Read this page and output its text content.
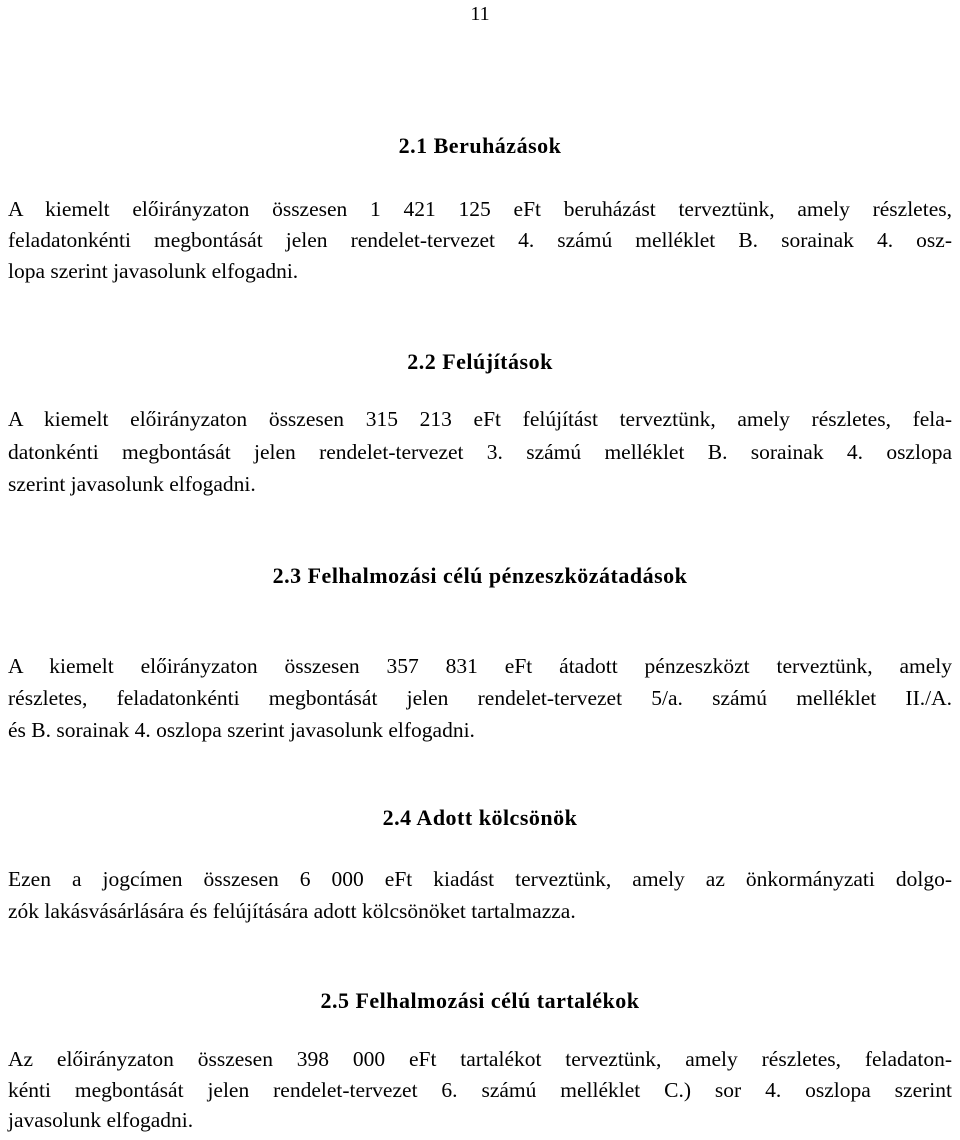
11
2.1 Beruházások
A kiemelt előirányzaton összesen 1 421 125 eFt beruházást terveztünk, amely részletes,
feladatonkénti megbontását jelen rendelet-tervezet 4. számú melléklet B. sorainak 4. osz-
lopa szerint javasolunk elfogadni.
2.2 Felújítások
A kiemelt előirányzaton összesen 315 213 eFt felújítást terveztünk, amely részletes, fela-
datonkénti megbontását jelen rendelet-tervezet 3. számú melléklet B. sorainak 4. oszlopa
szerint javasolunk elfogadni.
2.3 Felhalmozási célú pénzeszközátadások
A kiemelt előirányzaton összesen 357 831 eFt átadott pénzeszközt terveztünk, amely
részletes, feladatonkénti megbontását jelen rendelet-tervezet 5/a. számú melléklet II./A.
és B. sorainak 4. oszlopa szerint javasolunk elfogadni.
2.4 Adott kölcsönök
Ezen a jogcímen összesen 6 000 eFt kiadást terveztünk, amely az önkormányzati dolgo-
zók lakásvásárlására és felújítására adott kölcsönöket tartalmazza.
2.5 Felhalmozási célú tartalékok
Az előirányzaton összesen 398 000 eFt tartalékot terveztünk, amely részletes, feladaton-
kénti megbontását jelen rendelet-tervezet 6. számú melléklet C.) sor 4. oszlopa szerint
javasolunk elfogadni.
